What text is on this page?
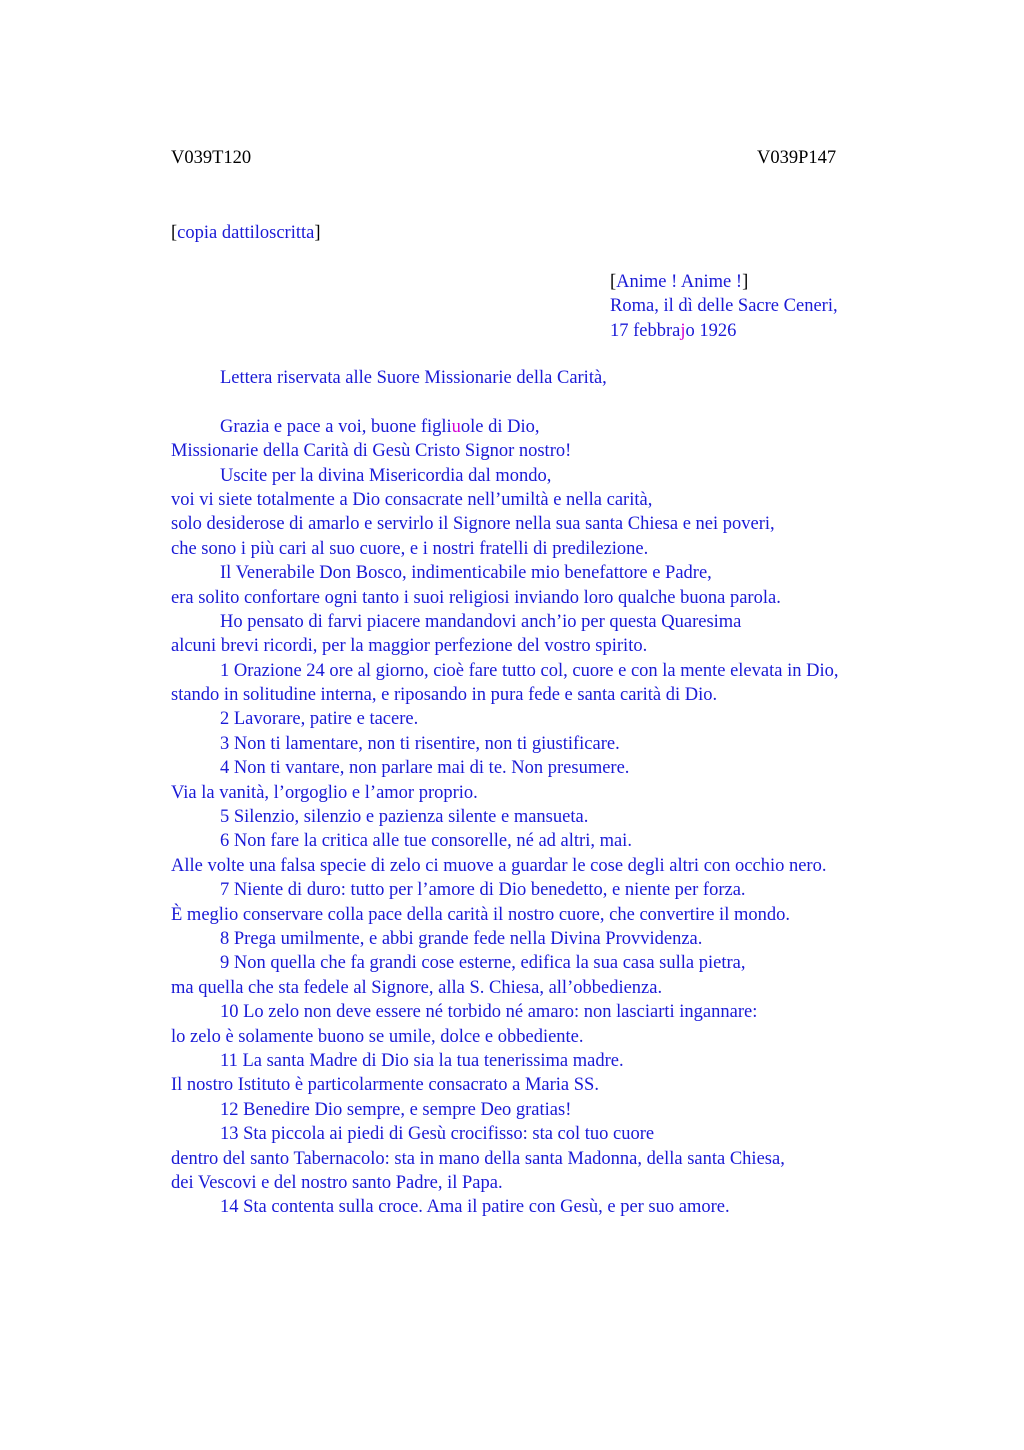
V039T120	V039P147
[copia dattiloscritta]
[Anime ! Anime !]
Roma, il dì delle Sacre Ceneri,
17 febbrajo 1926
Lettera riservata alle Suore Missionarie della Carità,
Grazia e pace a voi, buone figliuole di Dio,
Missionarie della Carità di Gesù Cristo Signor nostro!
Uscite per la divina Misericordia dal mondo,
voi vi siete totalmente a Dio consacrate nell’umiltà e nella carità,
solo desiderose di amarlo e servirlo il Signore nella sua santa Chiesa e nei poveri,
che sono i più cari al suo cuore, e i nostri fratelli di predilezione.
Il Venerabile Don Bosco, indimenticabile mio benefattore e Padre,
era solito confortare ogni tanto i suoi religiosi inviando loro qualche buona parola.
Ho pensato di farvi piacere mandandovi anch’io per questa Quaresima
alcuni brevi ricordi, per la maggior perfezione del vostro spirito.
1 Orazione 24 ore al giorno, cioè fare tutto col, cuore e con la mente elevata in Dio,
stando in solitudine interna, e riposando in pura fede e santa carità di Dio.
2 Lavorare, patire e tacere.
3 Non ti lamentare, non ti risentire, non ti giustificare.
4 Non ti vantare, non parlare mai di te. Non presumere.
Via la vanità, l’orgoglio e l’amor proprio.
5 Silenzio, silenzio e pazienza silente e mansueta.
6 Non fare la critica alle tue consorelle, né ad altri, mai.
Alle volte una falsa specie di zelo ci muove a guardar le cose degli altri con occhio nero.
7 Niente di duro: tutto per l’amore di Dio benedetto, e niente per forza.
È meglio conservare colla pace della carità il nostro cuore, che convertire il mondo.
8 Prega umilmente, e abbi grande fede nella Divina Provvidenza.
9 Non quella che fa grandi cose esterne, edifica la sua casa sulla pietra,
ma quella che sta fedele al Signore, alla S. Chiesa, all’obbedienza.
10 Lo zelo non deve essere né torbido né amaro: non lasciarti ingannare:
lo zelo è solamente buono se umile, dolce e obbediente.
11 La santa Madre di Dio sia la tua tenerissima madre.
Il nostro Istituto è particolarmente consacrato a Maria SS.
12 Benedire Dio sempre, e sempre Deo gratias!
13 Sta piccola ai piedi di Gesù crocifisso: sta col tuo cuore
dentro del santo Tabernacolo: sta in mano della santa Madonna, della santa Chiesa,
dei Vescovi e del nostro santo Padre, il Papa.
14 Sta contenta sulla croce. Ama il patire con Gesù, e per suo amore.
